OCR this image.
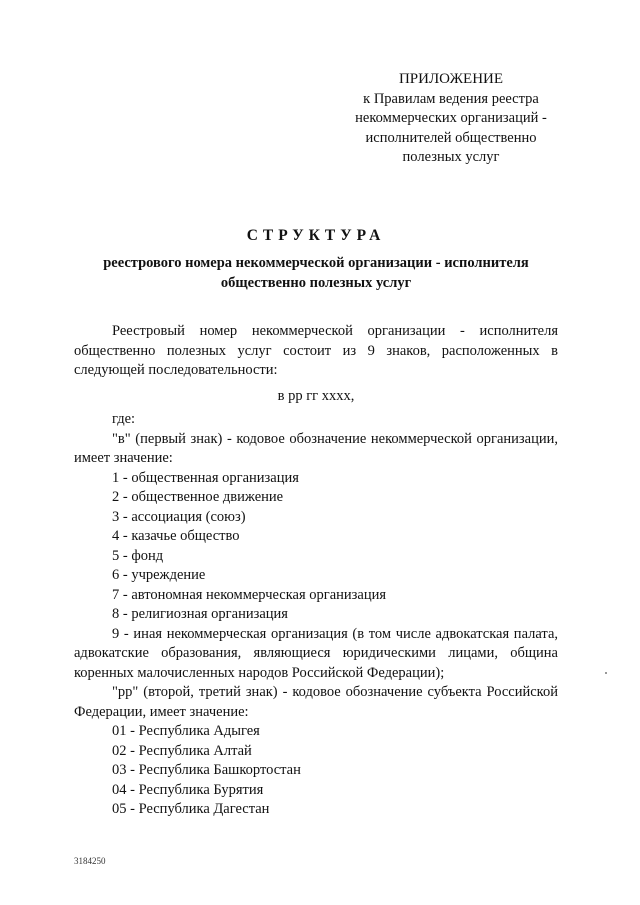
ПРИЛОЖЕНИЕ
к Правилам ведения реестра
некоммерческих организаций -
исполнителей общественно
полезных услуг
СТРУКТУРА
реестрового номера некоммерческой организации - исполнителя
общественно полезных услуг
Реестровый номер некоммерческой организации - исполнителя общественно полезных услуг состоит из 9 знаков, расположенных в следующей последовательности:
в рр гг хххх,
где:
"в" (первый знак) - кодовое обозначение некоммерческой организации, имеет значение:
1 - общественная организация
2 - общественное движение
3 - ассоциация (союз)
4 - казачье общество
5 - фонд
6 - учреждение
7 - автономная некоммерческая организация
8 - религиозная организация
9 - иная некоммерческая организация (в том числе адвокатская палата, адвокатские образования, являющиеся юридическими лицами, община коренных малочисленных народов Российской Федерации);
"рр" (второй, третий знак) - кодовое обозначение субъекта Российской Федерации, имеет значение:
01 - Республика Адыгея
02 - Республика Алтай
03 - Республика Башкортостан
04 - Республика Бурятия
05 - Республика Дагестан
3184250
